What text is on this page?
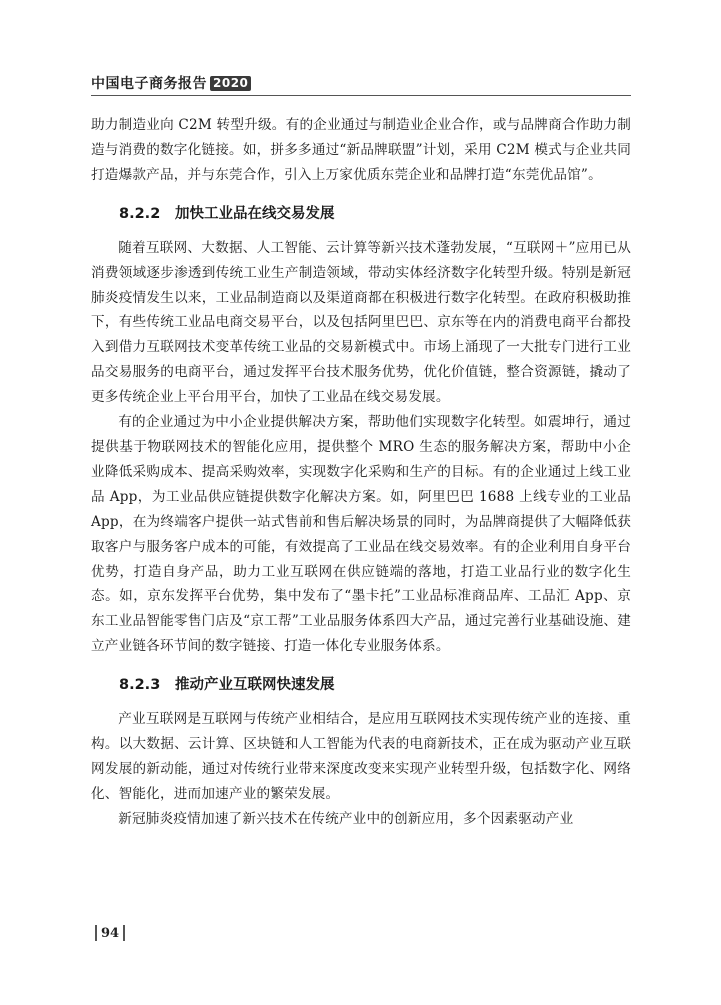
中国电子商务报告 2020

助力制造业向 C2M 转型升级。有的企业通过与制造业企业合作，或与品牌商合作助力制造与消费的数字化链接。如，拼多多通过“新品牌联盟”计划，采用 C2M 模式与企业共同打造爆款产品，并与东莞合作，引入上万家优质东莞企业和品牌打造“东莞优品馆”。

8.2.2 加快工业品在线交易发展

随着互联网、大数据、人工智能、云计算等新兴技术蓬勃发展，“互联网＋”应用已从消费领域逐步渗透到传统工业生产制造领域，带动实体经济数字化转型升级。特别是新冠肺炎疫情发生以来，工业品制造商以及渠道商都在积极进行数字化转型。在政府积极助推下，有些传统工业品电商交易平台，以及包括阿里巴巴、京东等在内的消费电商平台都投入到借力互联网技术变革传统工业品的交易新模式中。市场上涌现了一大批专门进行工业品交易服务的电商平台，通过发挥平台技术服务优势，优化价值链，整合资源链，撬动了更多传统企业上平台用平台，加快了工业品在线交易发展。

有的企业通过为中小企业提供解决方案，帮助他们实现数字化转型。如震坤行，通过提供基于物联网技术的智能化应用，提供整个 MRO 生态的服务解决方案，帮助中小企业降低采购成本、提高采购效率，实现数字化采购和生产的目标。有的企业通过上线工业品 App，为工业品供应链提供数字化解决方案。如，阿里巴巴 1688 上线专业的工业品 App，在为终端客户提供一站式售前和售后解决场景的同时，为品牌商提供了大幅降低获取客户与服务客户成本的可能，有效提高了工业品在线交易效率。有的企业利用自身平台优势，打造自身产品，助力工业互联网在供应链端的落地，打造工业品行业的数字化生态。如，京东发挥平台优势，集中发布了“墨卡托”工业品标准商品库、工品汇 App、京东工业品智能零售门店及“京工帮”工业品服务体系四大产品，通过完善行业基础设施、建立产业链各环节间的数字链接、打造一体化专业服务体系。

8.2.3 推动产业互联网快速发展

产业互联网是互联网与传统产业相结合，是应用互联网技术实现传统产业的连接、重构。以大数据、云计算、区块链和人工智能为代表的电商新技术，正在成为驱动产业互联网发展的新动能，通过对传统行业带来深度改变来实现产业转型升级，包括数字化、网络化、智能化，进而加速产业的繁荣发展。

新冠肺炎疫情加速了新兴技术在传统产业中的创新应用，多个因素驱动产业

94
